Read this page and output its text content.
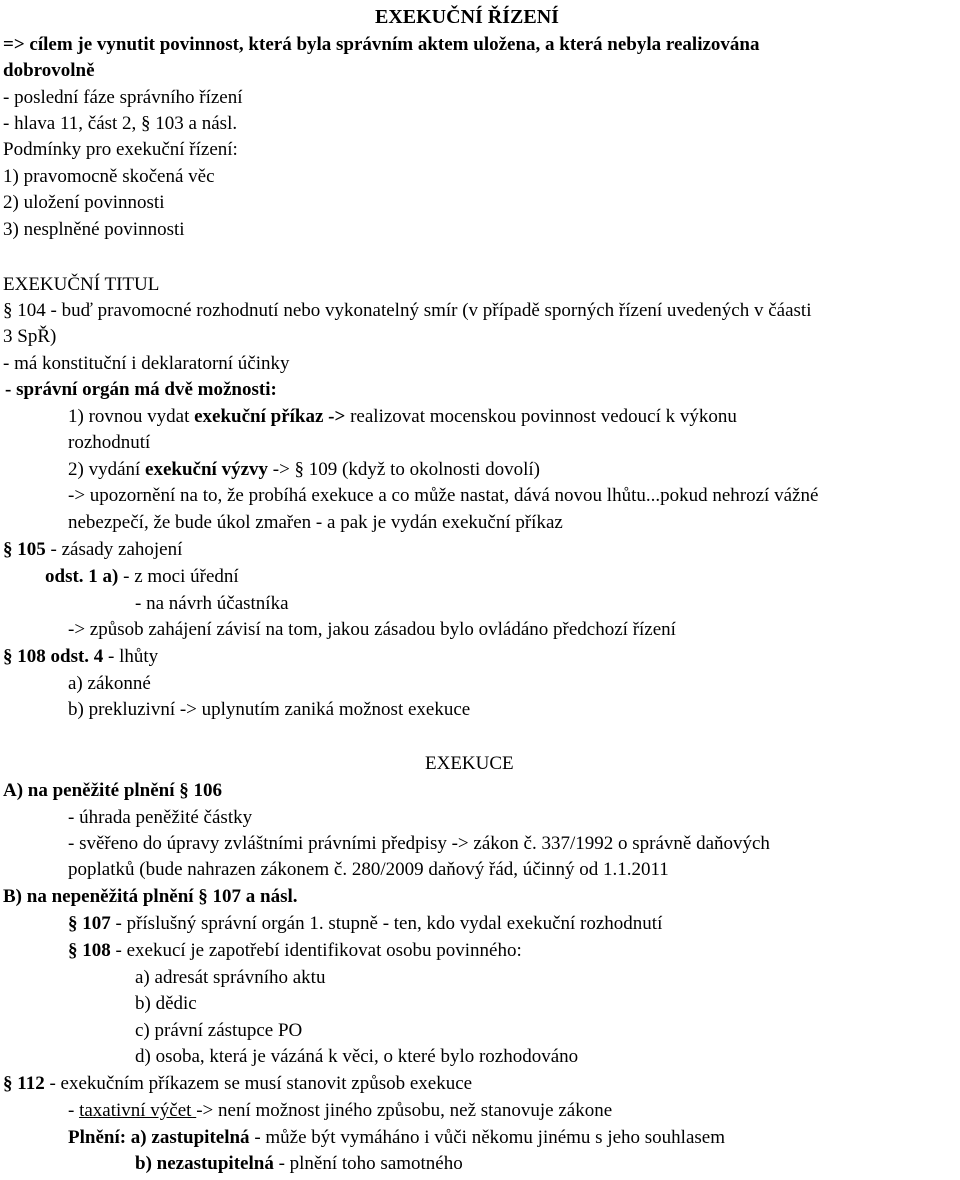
EXEKUČNÍ ŘÍZENÍ
=> cílem je vynutit povinnost, která byla správním aktem uložena, a která nebyla realizována
dobrovolně
- poslední fáze správního řízení
- hlava 11, část 2, § 103 a násl.
Podmínky pro exekuční řízení:
1) pravomocně skočená věc
2) uložení povinnosti
3) nesplněné povinnosti
EXEKUČNÍ TITUL
§ 104 - buď pravomocné rozhodnutí nebo vykonatelný smír (v případě sporných řízení uvedených v čáasti
3 SpŘ)
- má konstituční i deklaratorní účinky
- správní orgán má dvě možnosti:
1) rovnou vydat exekuční příkaz -> realizovat mocenskou povinnost vedoucí k výkonu
rozhodnutí
2) vydání exekuční výzvy -> § 109 (když to okolnosti dovolí)
-> upozornění na to, že probíhá exekuce a co může nastat, dává novou lhůtu...pokud nehrozí vážné
nebezpečí, že bude úkol zmařen - a pak je vydán exekuční příkaz
§ 105 - zásady zahojení
odst. 1 a) - z moci úřední
- na návrh účastníka
-> způsob zahájení závisí na tom, jakou zásadou bylo ovládáno předchozí řízení
§ 108 odst. 4 - lhůty
a) zákonné
b) prekluzivní -> uplynutím zaniká možnost exekuce
EXEKUCE
A) na peněžité plnění § 106
- úhrada peněžité částky
- svěřeno do úpravy zvláštními právními předpisy -> zákon č. 337/1992 o správně daňových
poplatků (bude nahrazen zákonem č. 280/2009 daňový řád, účinný od 1.1.2011
B) na nepeněžitá plnění § 107 a násl.
§ 107 - příslušný správní orgán 1. stupně - ten, kdo vydal exekuční rozhodnutí
§ 108 - exekucí je zapotřebí identifikovat osobu povinného:
a) adresát správního aktu
b) dědic
c) právní zástupce PO
d) osoba, která je vázáná k věci, o které bylo rozhodováno
§ 112 - exekučním příkazem se musí stanovit způsob exekuce
- taxativní výčet -> není možnost jiného způsobu, než stanovuje zákone
Plnění: a) zastupitelná - může být vymáháno i vůči někomu jinému s jeho souhlasem
b) nezastupitelná - plnění toho samotného
